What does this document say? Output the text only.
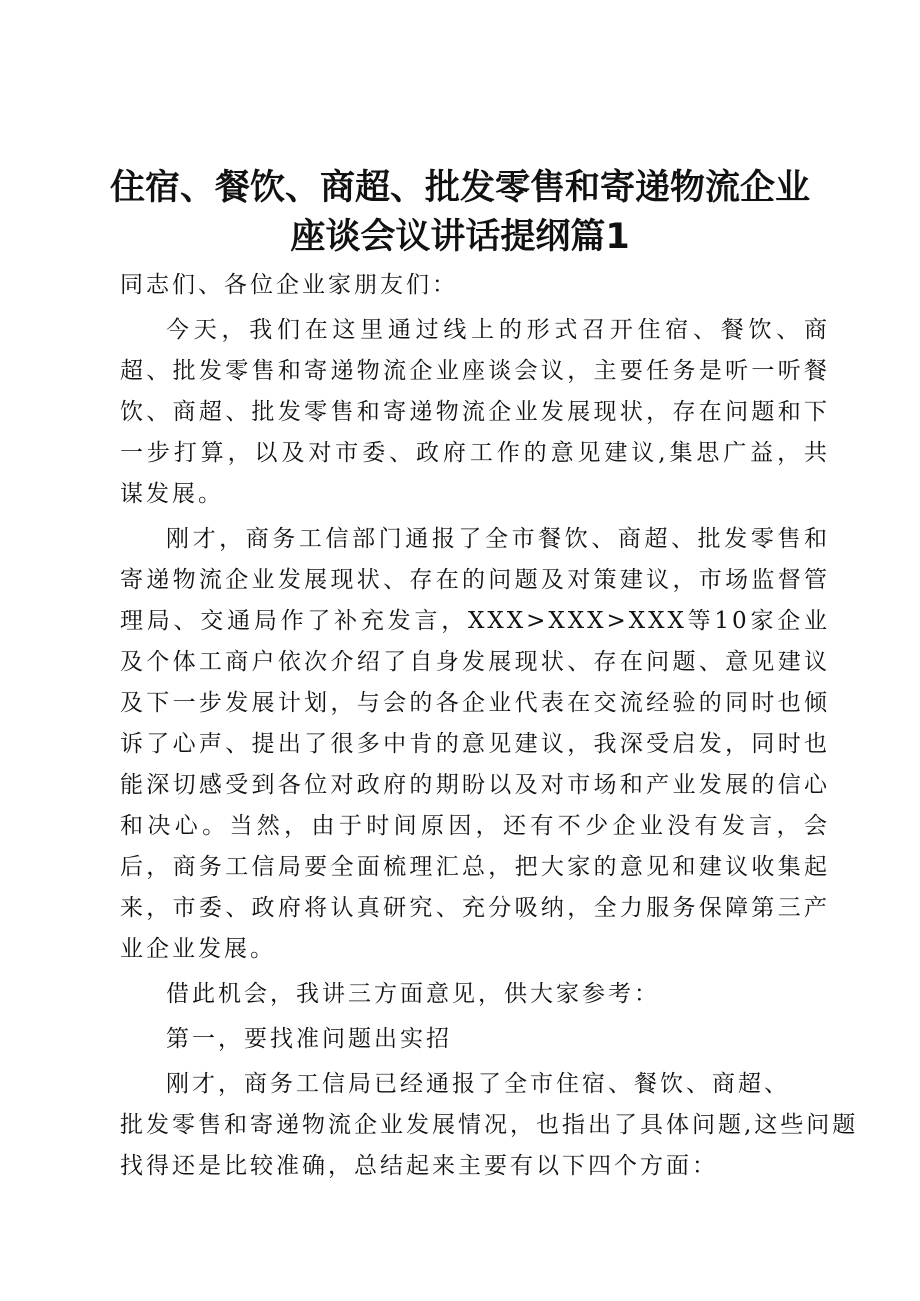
住宿、餐饮、商超、批发零售和寄递物流企业
座谈会议讲话提纲篇1

同志们、各位企业家朋友们：

今天，我们在这里通过线上的形式召开住宿、餐饮、商超、批发零售和寄递物流企业座谈会议，主要任务是听一听餐饮、商超、批发零售和寄递物流企业发展现状，存在问题和下一步打算，以及对市委、政府工作的意见建议,集思广益，共谋发展。

刚才，商务工信部门通报了全市餐饮、商超、批发零售和寄递物流企业发展现状、存在的问题及对策建议，市场监督管理局、交通局作了补充发言，XXX>XXX>XXX等10家企业及个体工商户依次介绍了自身发展现状、存在问题、意见建议及下一步发展计划，与会的各企业代表在交流经验的同时也倾诉了心声、提出了很多中肯的意见建议，我深受启发，同时也能深切感受到各位对政府的期盼以及对市场和产业发展的信心和决心。当然，由于时间原因，还有不少企业没有发言，会后，商务工信局要全面梳理汇总，把大家的意见和建议收集起来，市委、政府将认真研究、充分吸纳，全力服务保障第三产业企业发展。

借此机会，我讲三方面意见，供大家参考：

第一，要找准问题出实招

刚才，商务工信局已经通报了全市住宿、餐饮、商超、
批发零售和寄递物流企业发展情况，也指出了具体问题,这些问题
找得还是比较准确，总结起来主要有以下四个方面：
